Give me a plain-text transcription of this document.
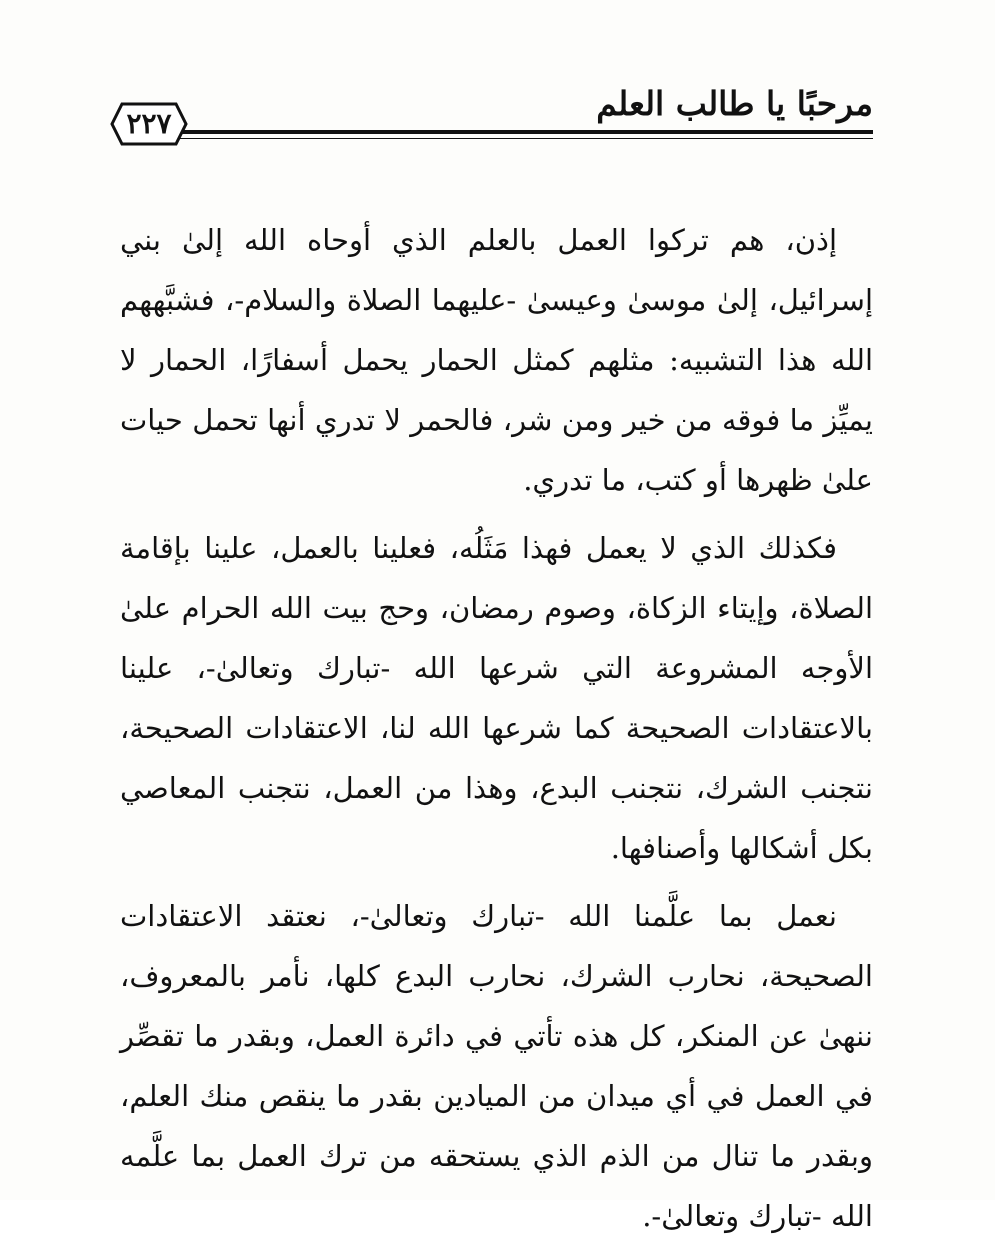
مرحبًا يا طالب العلم
٢٢٧

إذن، هم تركوا العمل بالعلم الذي أوحاه الله إلىٰ بني إسرائيل، إلىٰ موسىٰ وعيسىٰ -عليهما الصلاة والسلام-، فشبَّههم الله هذا التشبيه: مثلهم كمثل الحمار يحمل أسفارًا، الحمار لا يميِّز ما فوقه من خير ومن شر، فالحمر لا تدري أنها تحمل حيات علىٰ ظهرها أو كتب، ما تدري.

فكذلك الذي لا يعمل فهذا مَثَلُه، فعلينا بالعمل، علينا بإقامة الصلاة، وإيتاء الزكاة، وصوم رمضان، وحج بيت الله الحرام علىٰ الأوجه المشروعة التي شرعها الله -تبارك وتعالىٰ-، علينا بالاعتقادات الصحيحة كما شرعها الله لنا، الاعتقادات الصحيحة، نتجنب الشرك، نتجنب البدع، وهذا من العمل، نتجنب المعاصي بكل أشكالها وأصنافها.

نعمل بما علَّمنا الله -تبارك وتعالىٰ-، نعتقد الاعتقادات الصحيحة، نحارب الشرك، نحارب البدع كلها، نأمر بالمعروف، ننهىٰ عن المنكر، كل هذه تأتي في دائرة العمل، وبقدر ما تقصِّر في العمل في أي ميدان من الميادين بقدر ما ينقص منك العلم، وبقدر ما تنال من الذم الذي يستحقه من ترك العمل بما علَّمه الله -تبارك وتعالىٰ-.
